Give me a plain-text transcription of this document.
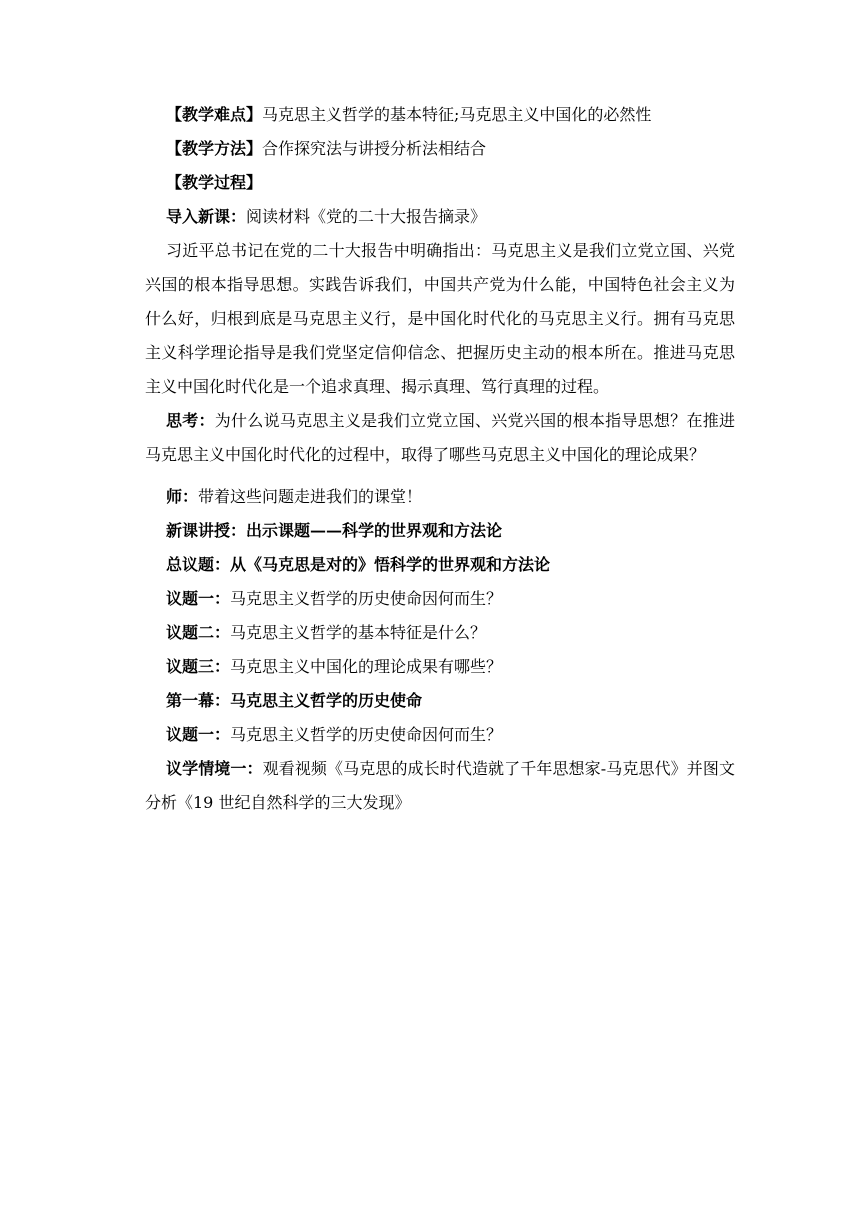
【教学难点】马克思主义哲学的基本特征;马克思主义中国化的必然性
【教学方法】合作探究法与讲授分析法相结合
【教学过程】
导入新课：阅读材料《党的二十大报告摘录》
习近平总书记在党的二十大报告中明确指出：马克思主义是我们立党立国、兴党兴国的根本指导思想。实践告诉我们，中国共产党为什么能，中国特色社会主义为什么好，归根到底是马克思主义行，是中国化时代化的马克思主义行。拥有马克思主义科学理论指导是我们党坚定信仰信念、把握历史主动的根本所在。推进马克思主义中国化时代化是一个追求真理、揭示真理、笃行真理的过程。
思考：为什么说马克思主义是我们立党立国、兴党兴国的根本指导思想？在推进马克思主义中国化时代化的过程中，取得了哪些马克思主义中国化的理论成果？
师：带着这些问题走进我们的课堂！
新课讲授：出示课题——科学的世界观和方法论
总议题：从《马克思是对的》悟科学的世界观和方法论
议题一：马克思主义哲学的历史使命因何而生？
议题二：马克思主义哲学的基本特征是什么？
议题三：马克思主义中国化的理论成果有哪些？
第一幕：马克思主义哲学的历史使命
议题一：马克思主义哲学的历史使命因何而生？
议学情境一：观看视频《马克思的成长时代造就了千年思想家-马克思代》并图文分析《19 世纪自然科学的三大发现》
